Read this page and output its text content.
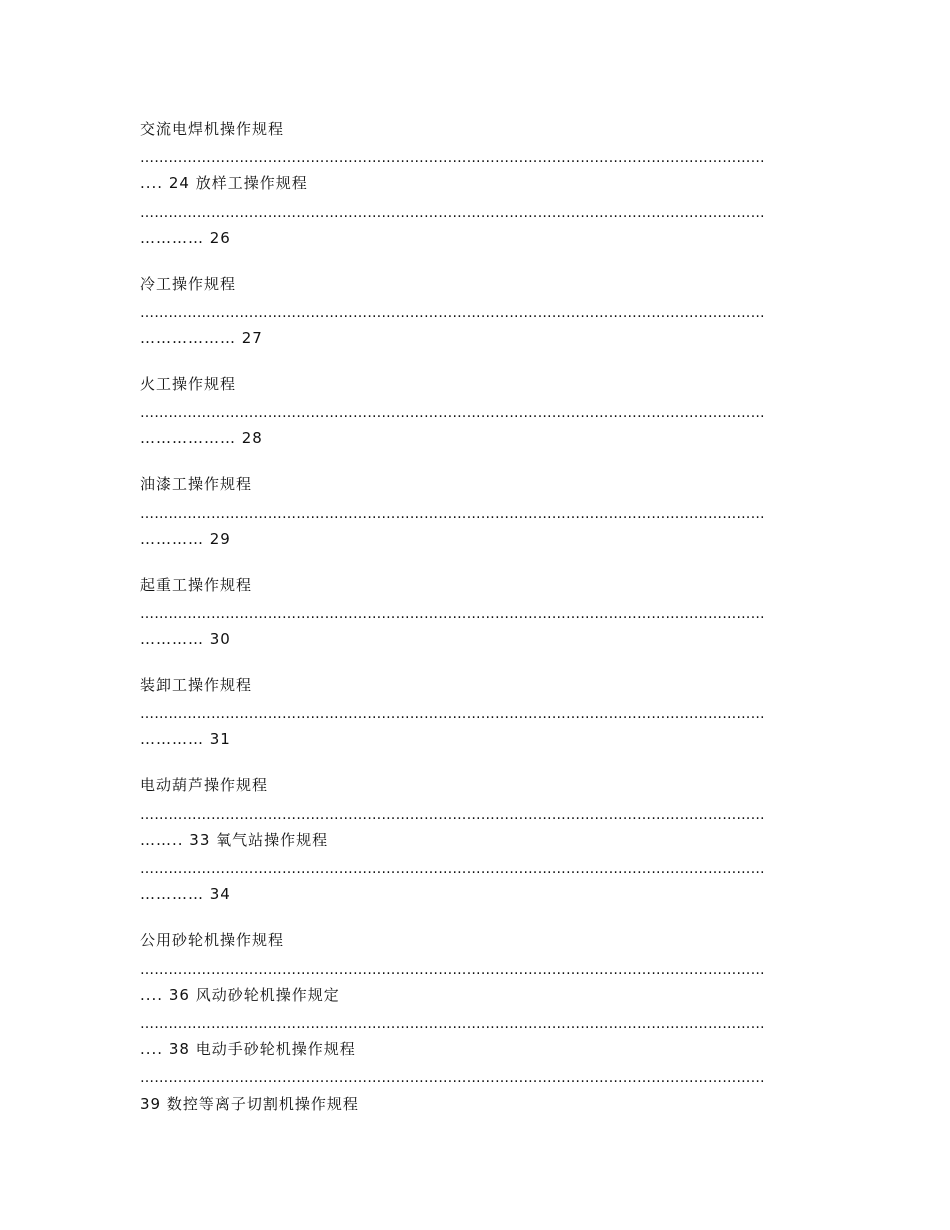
交流电焊机操作规程
……………………………………………………………………………………………………………………
.... 24 放样工操作规程
……………………………………………………………………………………………………………………
………… 26
冷工操作规程
……………………………………………………………………………………………………………………
……………… 27
火工操作规程
……………………………………………………………………………………………………………………
……………… 28
油漆工操作规程
……………………………………………………………………………………………………………………
………… 29
起重工操作规程
……………………………………………………………………………………………………………………
………… 30
装卸工操作规程
……………………………………………………………………………………………………………………
………… 31
电动葫芦操作规程
……………………………………………………………………………………………………………………
…….. 33 氧气站操作规程
……………………………………………………………………………………………………………………
………… 34
公用砂轮机操作规程
……………………………………………………………………………………………………………………
.... 36 风动砂轮机操作规定
……………………………………………………………………………………………………………………
.... 38 电动手砂轮机操作规程
……………………………………………………………………………………………………………………
39 数控等离子切割机操作规程
